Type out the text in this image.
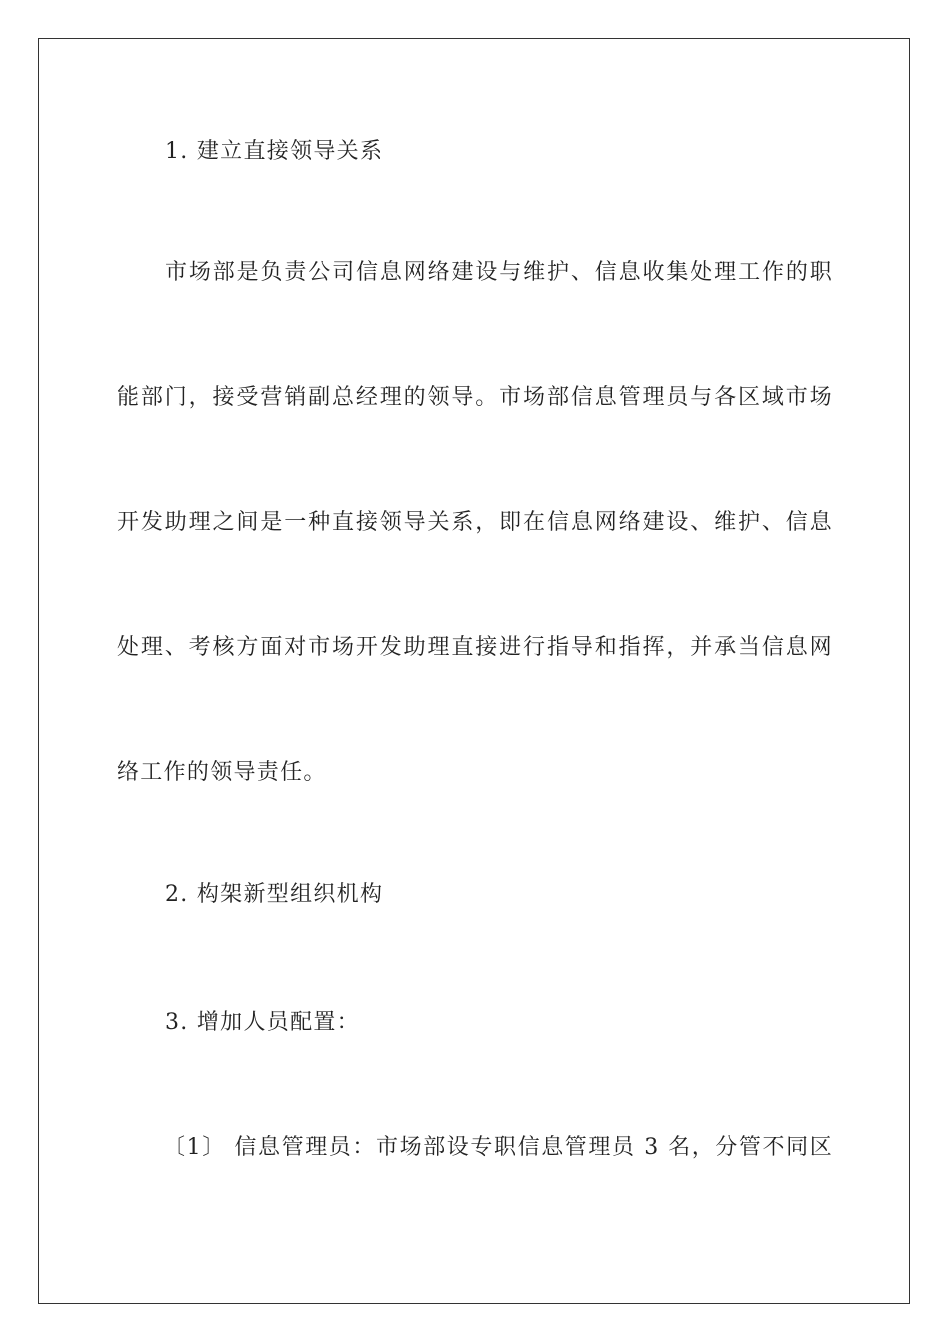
1. 建立直接领导关系

市场部是负责公司信息网络建设与维护、信息收集处理工作的职

能部门，接受营销副总经理的领导。市场部信息管理员与各区域市场

开发助理之间是一种直接领导关系，即在信息网络建设、维护、信息

处理、考核方面对市场开发助理直接进行指导和指挥，并承当信息网

络工作的领导责任。

2. 构架新型组织机构

3. 增加人员配置：

〔1〕 信息管理员：市场部设专职信息管理员 3 名，分管不同区
